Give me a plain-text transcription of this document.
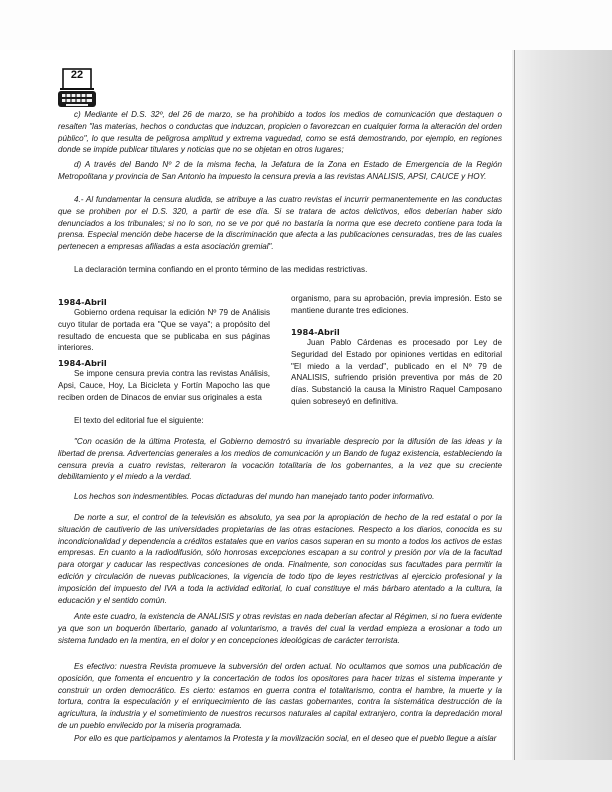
22

c) Mediante el D.S. 32º, del 26 de marzo, se ha prohibido a todos los medios de comunicación que destaquen o resalten "las materias, hechos o conductas que induzcan, propicien o favorezcan en cualquier forma la alteración del orden público", lo que resulta de peligrosa amplitud y extrema vaguedad, como se está demostrando, por ejemplo, en regiones donde se impide publicar titulares y noticias que no se objetan en otros lugares;

d) A través del Bando Nº 2 de la misma fecha, la Jefatura de la Zona en Estado de Emergencia de la Región Metropolitana y provincia de San Antonio ha impuesto la censura previa a las revistas ANALISIS, APSI, CAUCE y HOY.

4.- Al fundamentar la censura aludida, se atribuye a las cuatro revistas el incurrir permanentemente en las conductas que se prohiben por el D.S. 320, a partir de ese día. Si se tratara de actos delictivos, ellos deberían haber sido denunciados a los tribunales; si no lo son, no se ve por qué no bastaría la norma que ese decreto contiene para toda la prensa. Especial mención debe hacerse de la discriminación que afecta a las publicaciones censuradas, tres de las cuales pertenecen a empresas afiliadas a esta asociación gremial".

La declaración termina confiando en el pronto término de las medidas restrictivas.

1984-Abril

Gobierno ordena requisar la edición Nº 79 de Análisis cuyo titular de portada era "Que se vaya"; a propósito del resultado de encuesta que se publicaba en sus páginas interiores.

1984-Abril

Se impone censura previa contra las revistas Análisis, Apsi, Cauce, Hoy, La Bicicleta y Fortín Mapocho las que reciben orden de Dinacos de enviar sus originales a esta

organismo, para su aprobación, previa impresión. Esto se mantiene durante tres ediciones.

1984-Abril

Juan Pablo Cárdenas es procesado por Ley de Seguridad del Estado por opiniones vertidas en editorial "El miedo a la verdad", publicado en el Nº 79 de ANALISIS, sufriendo prisión preventiva por más de 20 días. Substanció la causa la Ministro Raquel Camposano quien sobreseyó en definitiva.

El texto del editorial fue el siguiente:

"Con ocasión de la última Protesta, el Gobierno demostró su invariable desprecio por la difusión de las ideas y la libertad de prensa. Advertencias generales a los medios de comunicación y un Bando de fugaz existencia, estableciendo la censura previa a cuatro revistas, reiteraron la vocación totalitaria de los gobernantes, a la vez que su creciente debilitamiento y el miedo a la verdad.

Los hechos son indesmentibles. Pocas dictaduras del mundo han manejado tanto poder informativo.

De norte a sur, el control de la televisión es absoluto, ya sea por la apropiación de hecho de la red estatal o por la situación de cautiverio de las universidades propietarias de las otras estaciones. Respecto a los diarios, conocida es su incondicionalidad y dependencia a créditos estatales que en varios casos superan en su monto a todos los activos de estas empresas. En cuanto a la radiodifusión, sólo honrosas excepciones escapan a su control y presión por vía de la facultad para otorgar y caducar las respectivas concesiones de onda. Finalmente, son conocidas sus facultades para permitir la edición y circulación de nuevas publicaciones, la vigencia de todo tipo de leyes restrictivas al ejercicio profesional y la imposición del impuesto del IVA a toda la actividad editorial, lo cual constituye el más bárbaro atentado a la cultura, la educación y el sentido común.

Ante este cuadro, la existencia de ANALISIS y otras revistas en nada deberían afectar al Régimen, si no fuera evidente ya que son un boquerón libertario, ganado al voluntarismo, a través del cual la verdad empieza a erosionar a todo un sistema fundado en la mentira, en el dolor y en concepciones ideológicas de carácter terrorista.

Es efectivo: nuestra Revista promueve la subversión del orden actual. No ocultamos que somos una publicación de oposición, que fomenta el encuentro y la concertación de todos los opositores para hacer trizas el sistema imperante y construir un orden democrático. Es cierto: estamos en guerra contra el totalitarismo, contra el hambre, la muerte y la tortura, contra la especulación y el enriquecimiento de las castas gobernantes, contra la sistemática destrucción de la agricultura, la industria y el sometimiento de nuestros recursos naturales al capital extranjero, contra la depredación moral de un pueblo envilecido por la miseria programada.

Por ello es que participamos y alentamos la Protesta y la movilización social, en el deseo que el pueblo llegue a aislar
